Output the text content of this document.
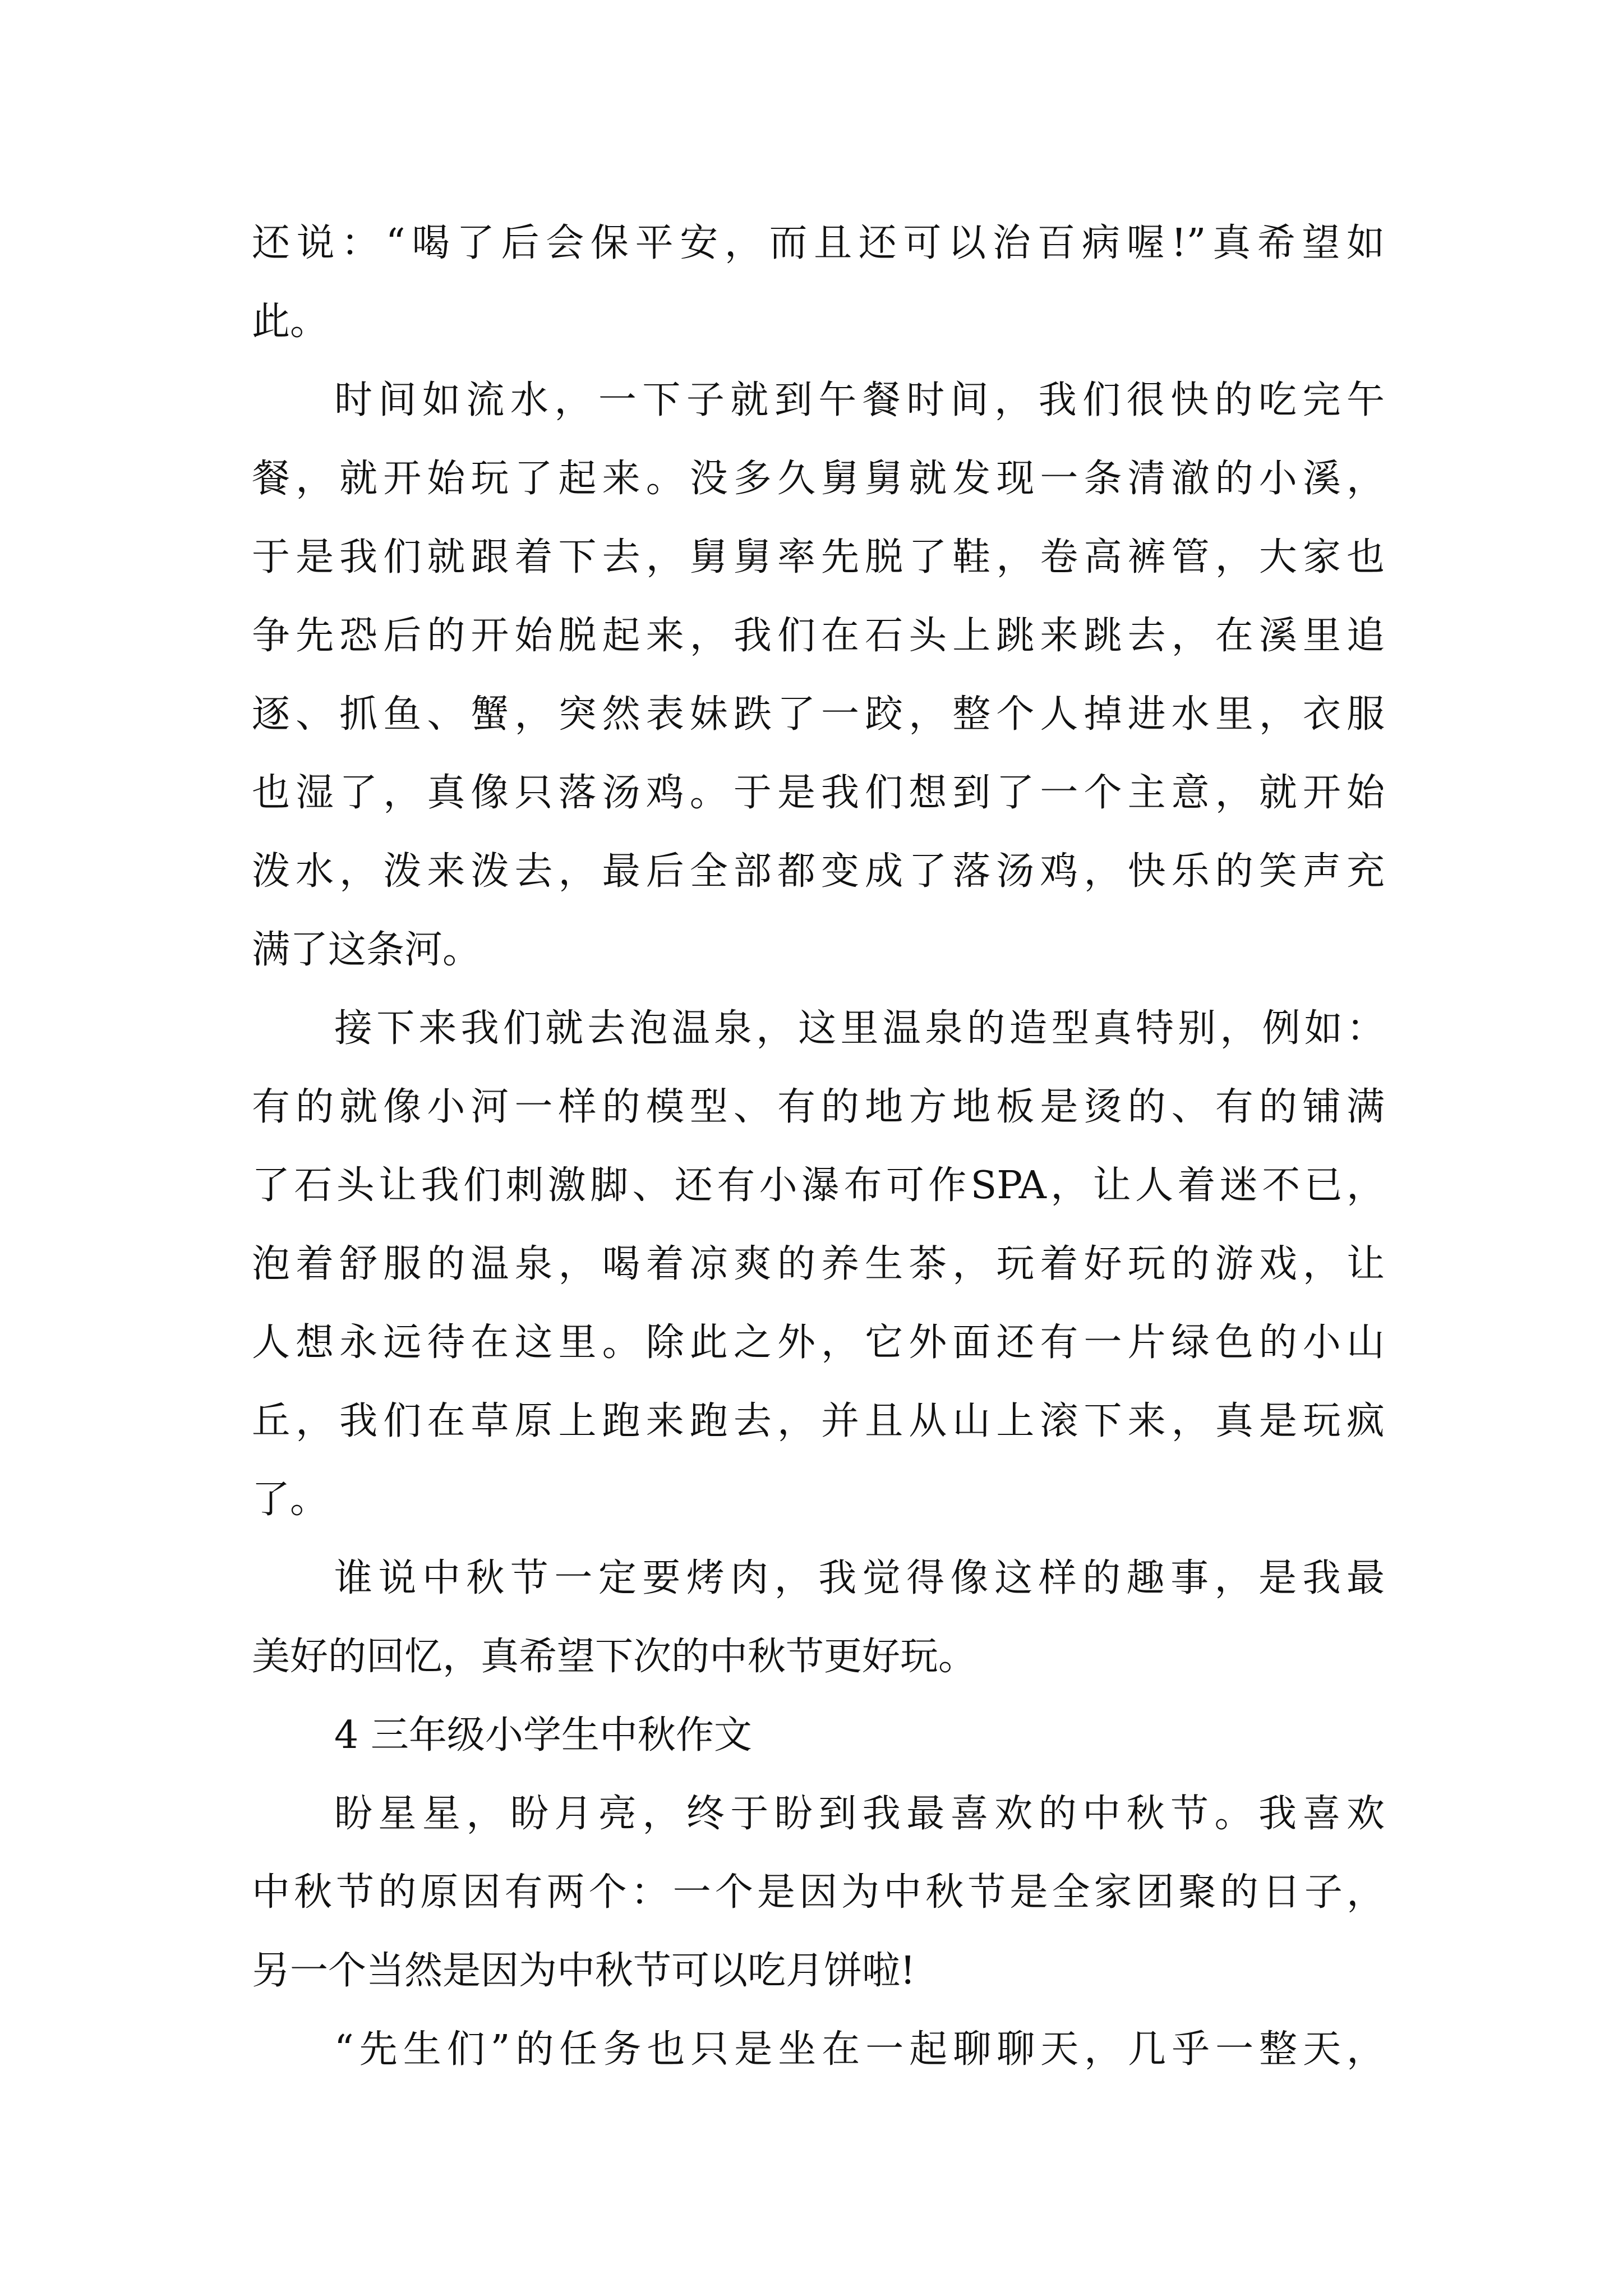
还说：“喝了后会保平安，而且还可以治百病喔!”真希望如
此。
时间如流水，一下子就到午餐时间，我们很快的吃完午
餐，就开始玩了起来。没多久舅舅就发现一条清澈的小溪，
于是我们就跟着下去，舅舅率先脱了鞋，卷高裤管，大家也
争先恐后的开始脱起来，我们在石头上跳来跳去，在溪里追
逐、抓鱼、蟹，突然表妹跌了一跤，整个人掉进水里，衣服
也湿了，真像只落汤鸡。于是我们想到了一个主意，就开始
泼水，泼来泼去，最后全部都变成了落汤鸡，快乐的笑声充
满了这条河。
接下来我们就去泡温泉，这里温泉的造型真特别，例如：
有的就像小河一样的模型、有的地方地板是烫的、有的铺满
了石头让我们刺激脚、还有小瀑布可作SPA，让人着迷不已，
泡着舒服的温泉，喝着凉爽的养生茶，玩着好玩的游戏，让
人想永远待在这里。除此之外，它外面还有一片绿色的小山
丘，我们在草原上跑来跑去，并且从山上滚下来，真是玩疯
了。
谁说中秋节一定要烤肉，我觉得像这样的趣事，是我最
美好的回忆，真希望下次的中秋节更好玩。
4 三年级小学生中秋作文
盼星星，盼月亮，终于盼到我最喜欢的中秋节。我喜欢
中秋节的原因有两个：一个是因为中秋节是全家团聚的日子，
另一个当然是因为中秋节可以吃月饼啦!
“先生们”的任务也只是坐在一起聊聊天，几乎一整天，
